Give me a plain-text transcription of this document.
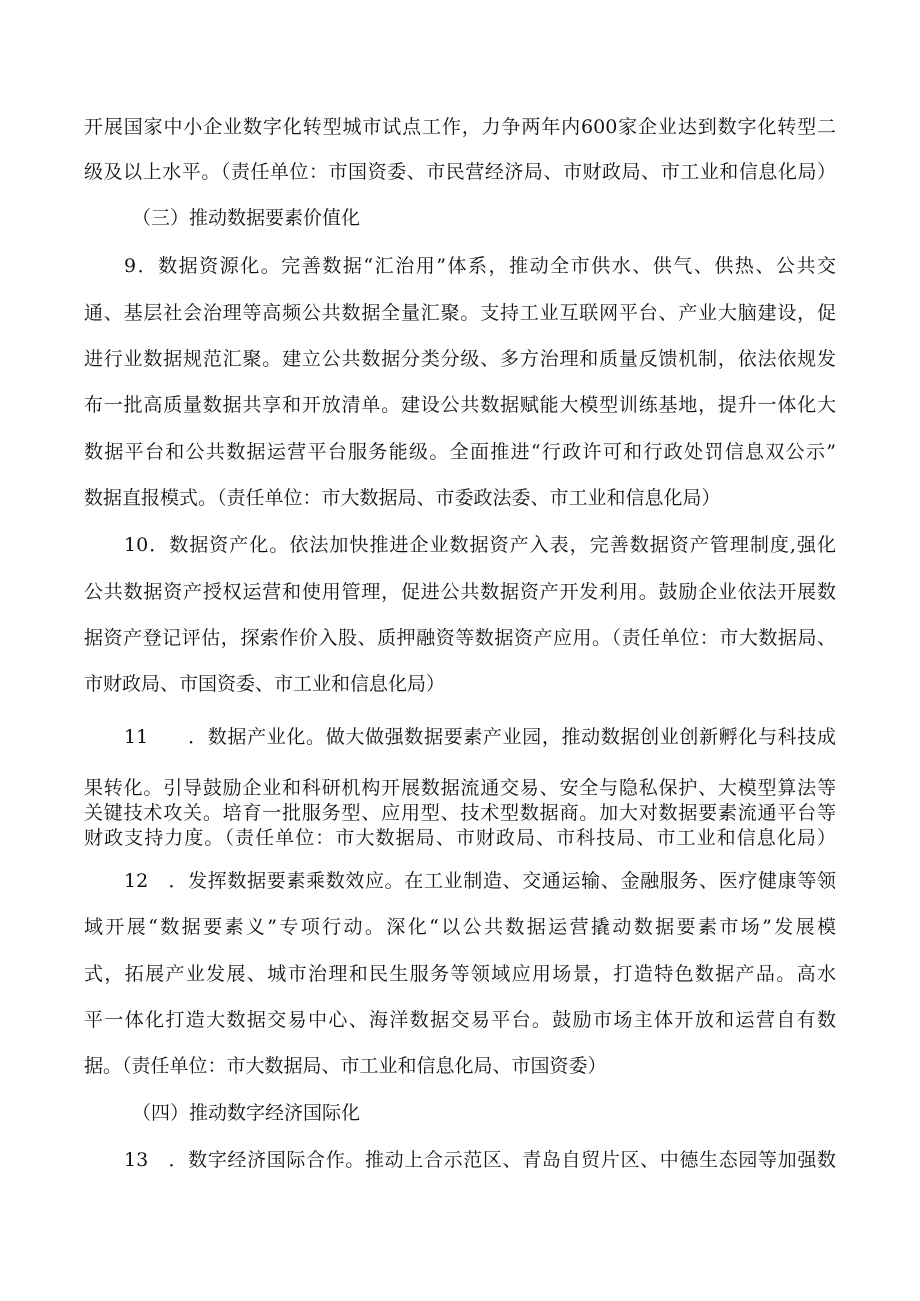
开展国家中小企业数字化转型城市试点工作，力争两年内600家企业达到数字化转型二
级及以上水平。（责任单位：市国资委、市民营经济局、市财政局、市工业和信息化局）
（三）推动数据要素价值化
9．数据资源化。完善数据“汇治用”体系，推动全市供水、供气、供热、公共交
通、基层社会治理等高频公共数据全量汇聚。支持工业互联网平台、产业大脑建设，促
进行业数据规范汇聚。建立公共数据分类分级、多方治理和质量反馈机制，依法依规发
布一批高质量数据共享和开放清单。建设公共数据赋能大模型训练基地，提升一体化大
数据平台和公共数据运营平台服务能级。全面推进“行政许可和行政处罚信息双公示”
数据直报模式。（责任单位：市大数据局、市委政法委、市工业和信息化局）
10．数据资产化。依法加快推进企业数据资产入表，完善数据资产管理制度,强化
公共数据资产授权运营和使用管理，促进公共数据资产开发利用。鼓励企业依法开展数
据资产登记评估，探索作价入股、质押融资等数据资产应用。（责任单位：市大数据局、
市财政局、市国资委、市工业和信息化局）
11　　．数据产业化。做大做强数据要素产业园，推动数据创业创新孵化与科技成
果转化。引导鼓励企业和科研机构开展数据流通交易、安全与隐私保护、大模型算法等
关键技术攻关。培育一批服务型、应用型、技术型数据商。加大对数据要素流通平台等
财政支持力度。（责任单位：市大数据局、市财政局、市科技局、市工业和信息化局）
12　．发挥数据要素乘数效应。在工业制造、交通运输、金融服务、医疗健康等领
域开展“数据要素义”专项行动。深化“以公共数据运营撬动数据要素市场”发展模
式，拓展产业发展、城市治理和民生服务等领域应用场景，打造特色数据产品。高水
平一体化打造大数据交易中心、海洋数据交易平台。鼓励市场主体开放和运营自有数
据。（责任单位：市大数据局、市工业和信息化局、市国资委）
（四）推动数字经济国际化
13　．数字经济国际合作。推动上合示范区、青岛自贸片区、中德生态园等加强数
